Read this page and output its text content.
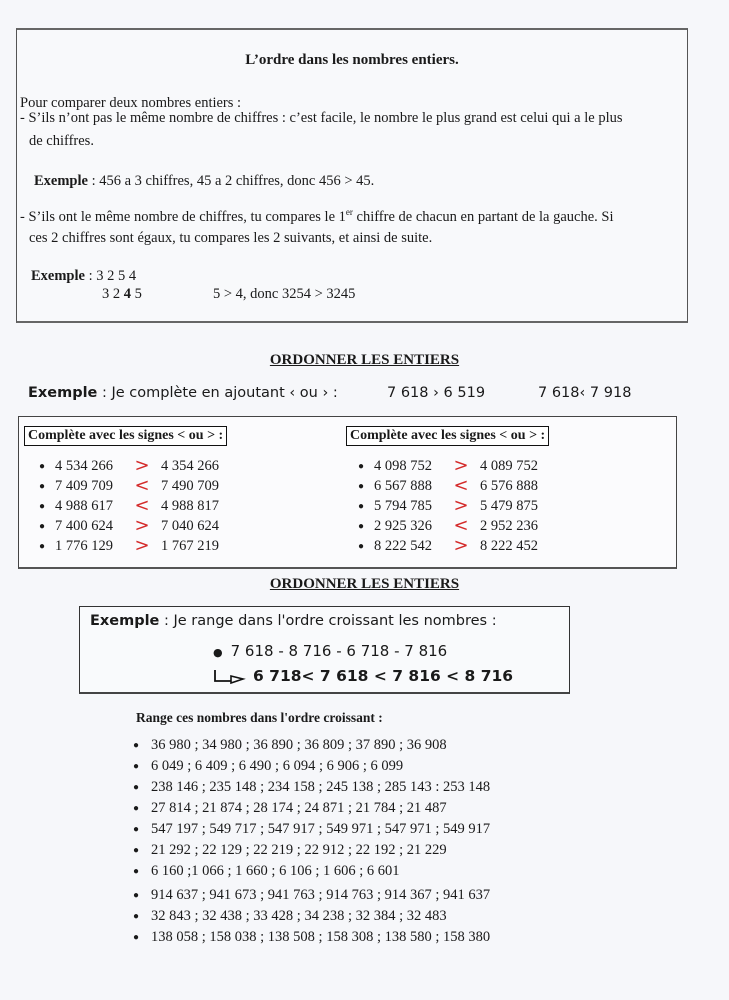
L’ordre dans les nombres entiers.
Pour comparer deux nombres entiers :
- S’ils n’ont pas le même nombre de chiffres : c’est facile, le nombre le plus grand est celui qui a le plus
de chiffres.
Exemple : 456 a 3 chiffres, 45 a 2 chiffres, donc 456 > 45.
- S’ils ont le même nombre de chiffres, tu compares le 1er chiffre de chacun en partant de la gauche. Si
ces 2 chiffres sont égaux, tu compares les 2 suivants, et ainsi de suite.
Exemple : 3 2 5 4
3 2 4 5	5 > 4, donc 3254 > 3245
ORDONNER LES ENTIERS
Exemple : Je complète en ajoutant ‹ ou › :	7 618 › 6 519	7 618‹ 7 918
Complète avec les signes < ou > :	Complète avec les signes < ou > :
● 4 534 266	> 4 354 266
● 7 409 709	< 7 490 709
● 4 988 617	< 4 988 817
● 7 400 624	> 7 040 624
● 1 776 129	> 1 767 219
● 4 098 752	> 4 089 752
● 6 567 888	< 6 576 888
● 5 794 785	> 5 479 875
● 2 925 326	< 2 952 236
● 8 222 542	> 8 222 452
ORDONNER LES ENTIERS
Exemple : Je range dans l'ordre croissant les nombres :
● 7 618 - 8 716 - 6 718 - 7 816
6 718< 7 618 < 7 816 < 8 716
Range ces nombres dans l'ordre croissant :
● 36 980 ; 34 980 ; 36 890 ; 36 809 ; 37 890 ; 36 908
● 6 049 ; 6 409 ; 6 490 ; 6 094 ; 6 906 ; 6 099
● 238 146 ; 235 148 ; 234 158 ; 245 138 ; 285 143 : 253 148
● 27 814 ; 21 874 ; 28 174 ; 24 871 ; 21 784 ; 21 487
● 547 197 ; 549 717 ; 547 917 ; 549 971 ; 547 971 ; 549 917
● 21 292 ; 22 129 ; 22 219 ; 22 912 ; 22 192 ; 21 229
● 6 160 ;1 066 ; 1 660 ; 6 106 ; 1 606 ; 6 601
● 914 637 ; 941 673 ; 941 763 ; 914 763 ; 914 367 ; 941 637
● 32 843 ; 32 438 ; 33 428 ; 34 238 ; 32 384 ; 32 483
● 138 058 ; 158 038 ; 138 508 ; 158 308 ; 138 580 ; 158 380
